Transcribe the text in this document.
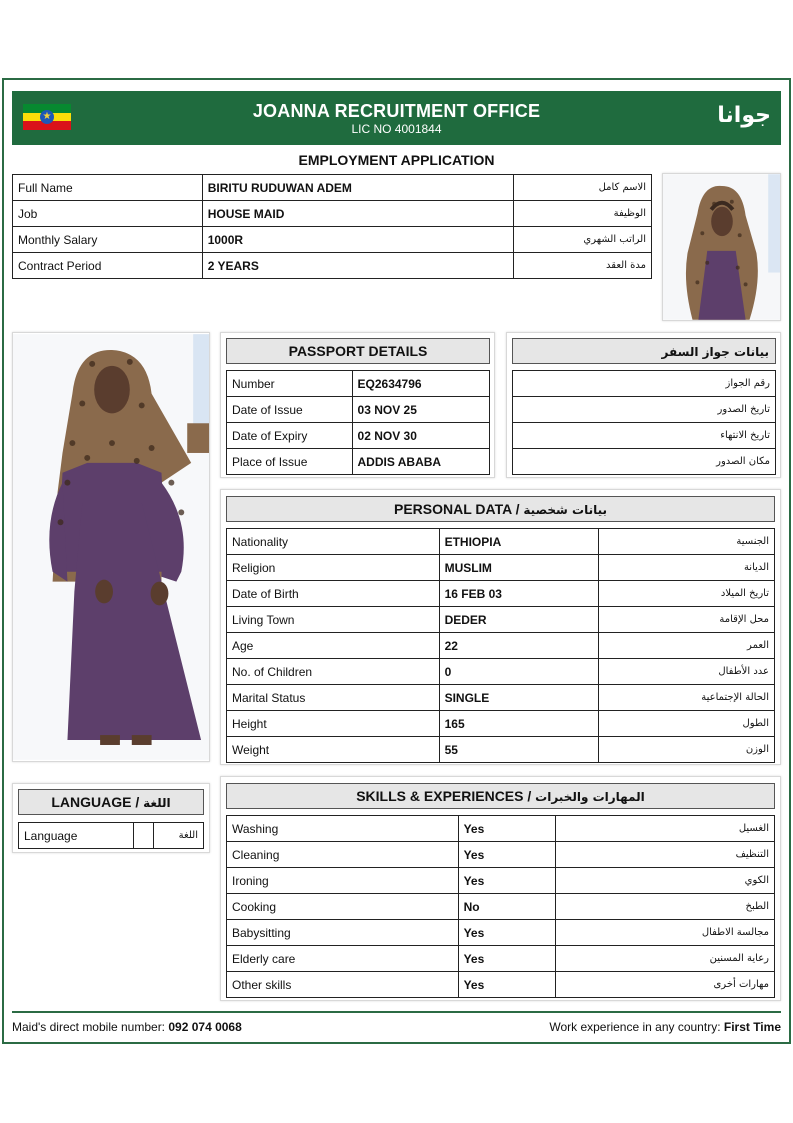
★	JOANNA RECRUITMENT OFFICE
LIC NO 4001844
جوانا
EMPLOYMENT APPLICATION
Full Name	BIRITU RUDUWAN ADEM	الاسم كامل
Job	HOUSE MAID	الوظيفة
Monthly Salary	1000R	الراتب الشهري
Contract Period	2 YEARS	مدة العقد
PASSPORT DETAILS
Number	EQ2634796
Date of Issue	03 NOV 25
Date of Expiry	02 NOV 30
Place of Issue	ADDIS ABABA
بيانات جواز السفر
رقم الجواز
تاريخ الصدور
تاريخ الانتهاء
مكان الصدور
PERSONAL DATA / بيانات شخصية
Nationality	ETHIOPIA	الجنسية
Religion	MUSLIM	الديانة
Date of Birth	16 FEB 03	تاريخ الميلاد
Living Town	DEDER	محل الإقامة
Age	22	العمر
No. of Children	0	عدد الأطفال
Marital Status	SINGLE	الحالة الإجتماعية
Height	165	الطول
Weight	55	الوزن
LANGUAGE / اللغة
Language		اللغة
SKILLS & EXPERIENCES / المهارات والخبرات
Washing	Yes	الغسيل
Cleaning	Yes	التنظيف
Ironing	Yes	الكوي
Cooking	No	الطبخ
Babysitting	Yes	مجالسة الاطفال
Elderly care	Yes	رعاية المسنين
Other skills	Yes	مهارات أخرى
Maid's direct mobile number: 092 074 0068	Work experience in any country: First Time
